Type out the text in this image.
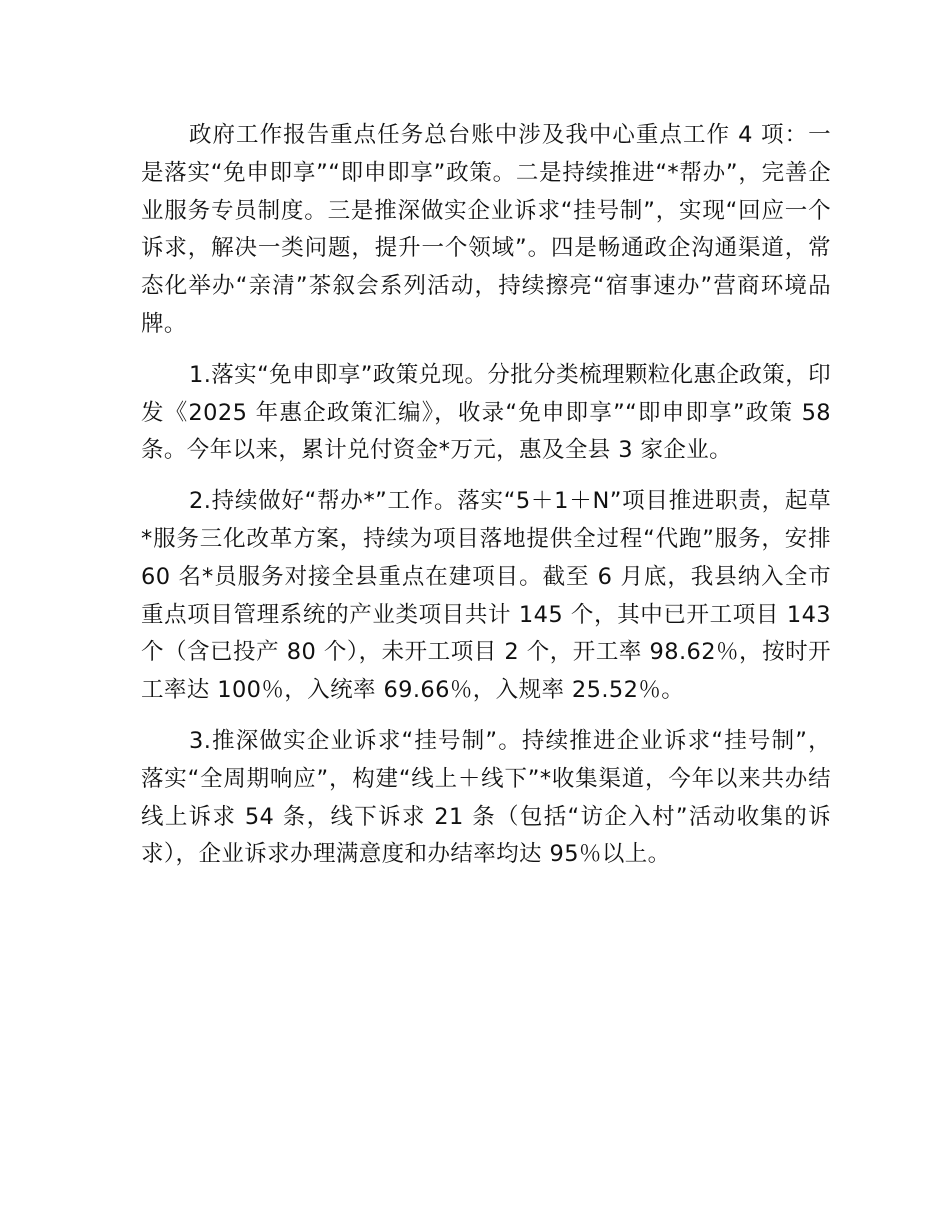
政府工作报告重点任务总台账中涉及我中心重点工作 4 项：一是落实“免申即享”“即申即享”政策。二是持续推进“*帮办”，完善企业服务专员制度。三是推深做实企业诉求“挂号制”，实现“回应一个诉求，解决一类问题，提升一个领域”。四是畅通政企沟通渠道，常态化举办“亲清”茶叙会系列活动，持续擦亮“宿事速办”营商环境品牌。

1.落实“免申即享”政策兑现。分批分类梳理颗粒化惠企政策，印发《2025 年惠企政策汇编》，收录“免申即享”“即申即享”政策 58 条。今年以来，累计兑付资金*万元，惠及全县 3 家企业。

2.持续做好“帮办*”工作。落实“5＋1＋N”项目推进职责，起草*服务三化改革方案，持续为项目落地提供全过程“代跑”服务，安排 60 名*员服务对接全县重点在建项目。截至 6 月底，我县纳入全市重点项目管理系统的产业类项目共计 145 个，其中已开工项目 143 个（含已投产 80 个），未开工项目 2 个，开工率 98.62％，按时开工率达 100％，入统率 69.66％，入规率 25.52％。

3.推深做实企业诉求“挂号制”。持续推进企业诉求“挂号制”，落实“全周期响应”，构建“线上＋线下”*收集渠道，今年以来共办结线上诉求 54 条，线下诉求 21 条（包括“访企入村”活动收集的诉求），企业诉求办理满意度和办结率均达 95％以上。
